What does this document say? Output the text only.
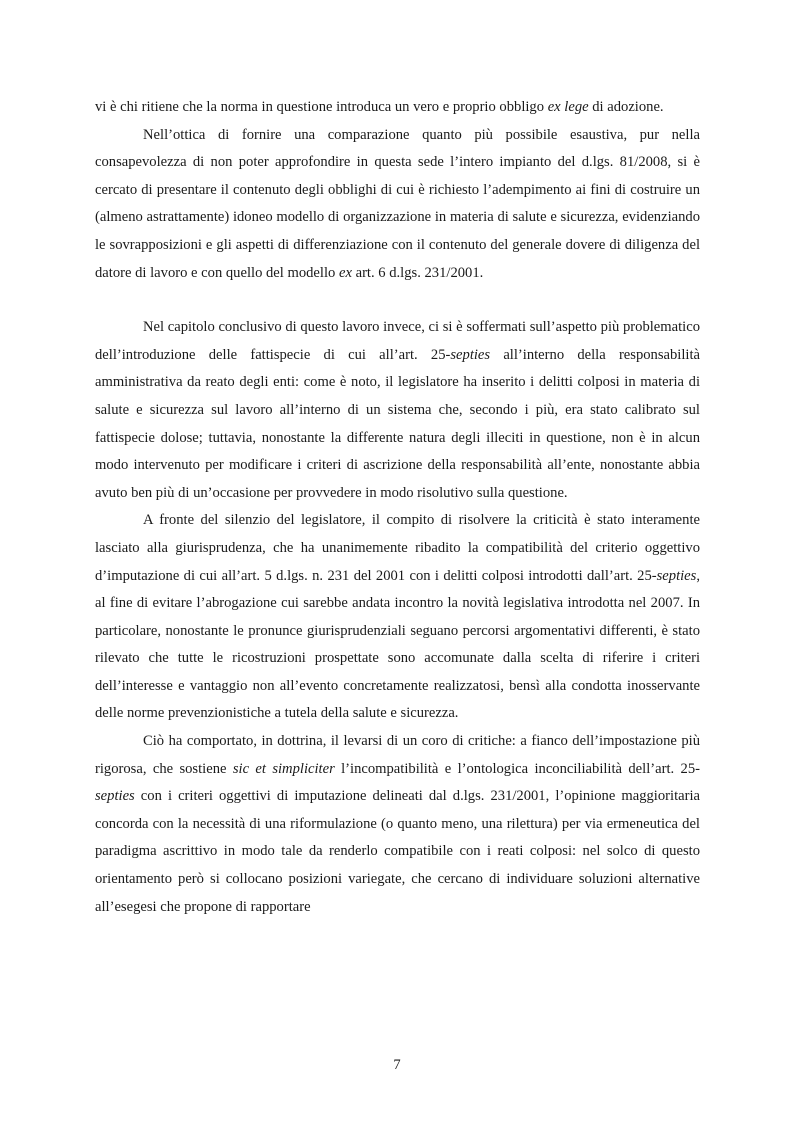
vi è chi ritiene che la norma in questione introduca un vero e proprio obbligo ex lege di adozione.

Nell’ottica di fornire una comparazione quanto più possibile esaustiva, pur nella consapevolezza di non poter approfondire in questa sede l’intero impianto del d.lgs. 81/2008, si è cercato di presentare il contenuto degli obblighi di cui è richiesto l’adempimento ai fini di costruire un (almeno astrattamente) idoneo modello di organizzazione in materia di salute e sicurezza, evidenziando le sovrapposizioni e gli aspetti di differenziazione con il contenuto del generale dovere di diligenza del datore di lavoro e con quello del modello ex art. 6 d.lgs. 231/2001.

Nel capitolo conclusivo di questo lavoro invece, ci si è soffermati sull’aspetto più problematico dell’introduzione delle fattispecie di cui all’art. 25-septies all’interno della responsabilità amministrativa da reato degli enti: come è noto, il legislatore ha inserito i delitti colposi in materia di salute e sicurezza sul lavoro all’interno di un sistema che, secondo i più, era stato calibrato sul fattispecie dolose; tuttavia, nonostante la differente natura degli illeciti in questione, non è in alcun modo intervenuto per modificare i criteri di ascrizione della responsabilità all’ente, nonostante abbia avuto ben più di un’occasione per provvedere in modo risolutivo sulla questione.

A fronte del silenzio del legislatore, il compito di risolvere la criticità è stato interamente lasciato alla giurisprudenza, che ha unanimemente ribadito la compatibilità del criterio oggettivo d’imputazione di cui all’art. 5 d.lgs. n. 231 del 2001 con i delitti colposi introdotti dall’art. 25-septies, al fine di evitare l’abrogazione cui sarebbe andata incontro la novità legislativa introdotta nel 2007. In particolare, nonostante le pronunce giurisprudenziali seguano percorsi argomentativi differenti, è stato rilevato che tutte le ricostruzioni prospettate sono accomunate dalla scelta di riferire i criteri dell’interesse e vantaggio non all’evento concretamente realizzatosi, bensì alla condotta inosservante delle norme prevenzionistiche a tutela della salute e sicurezza.

Ciò ha comportato, in dottrina, il levarsi di un coro di critiche: a fianco dell’impostazione più rigorosa, che sostiene sic et simpliciter l’incompatibilità e l’ontologica inconciliabilità dell’art. 25-septies con i criteri oggettivi di imputazione delineati dal d.lgs. 231/2001, l’opinione maggioritaria concorda con la necessità di una riformulazione (o quanto meno, una rilettura) per via ermeneutica del paradigma ascrittivo in modo tale da renderlo compatibile con i reati colposi: nel solco di questo orientamento però si collocano posizioni variegate, che cercano di individuare soluzioni alternative all’esegesi che propone di rapportare

7
